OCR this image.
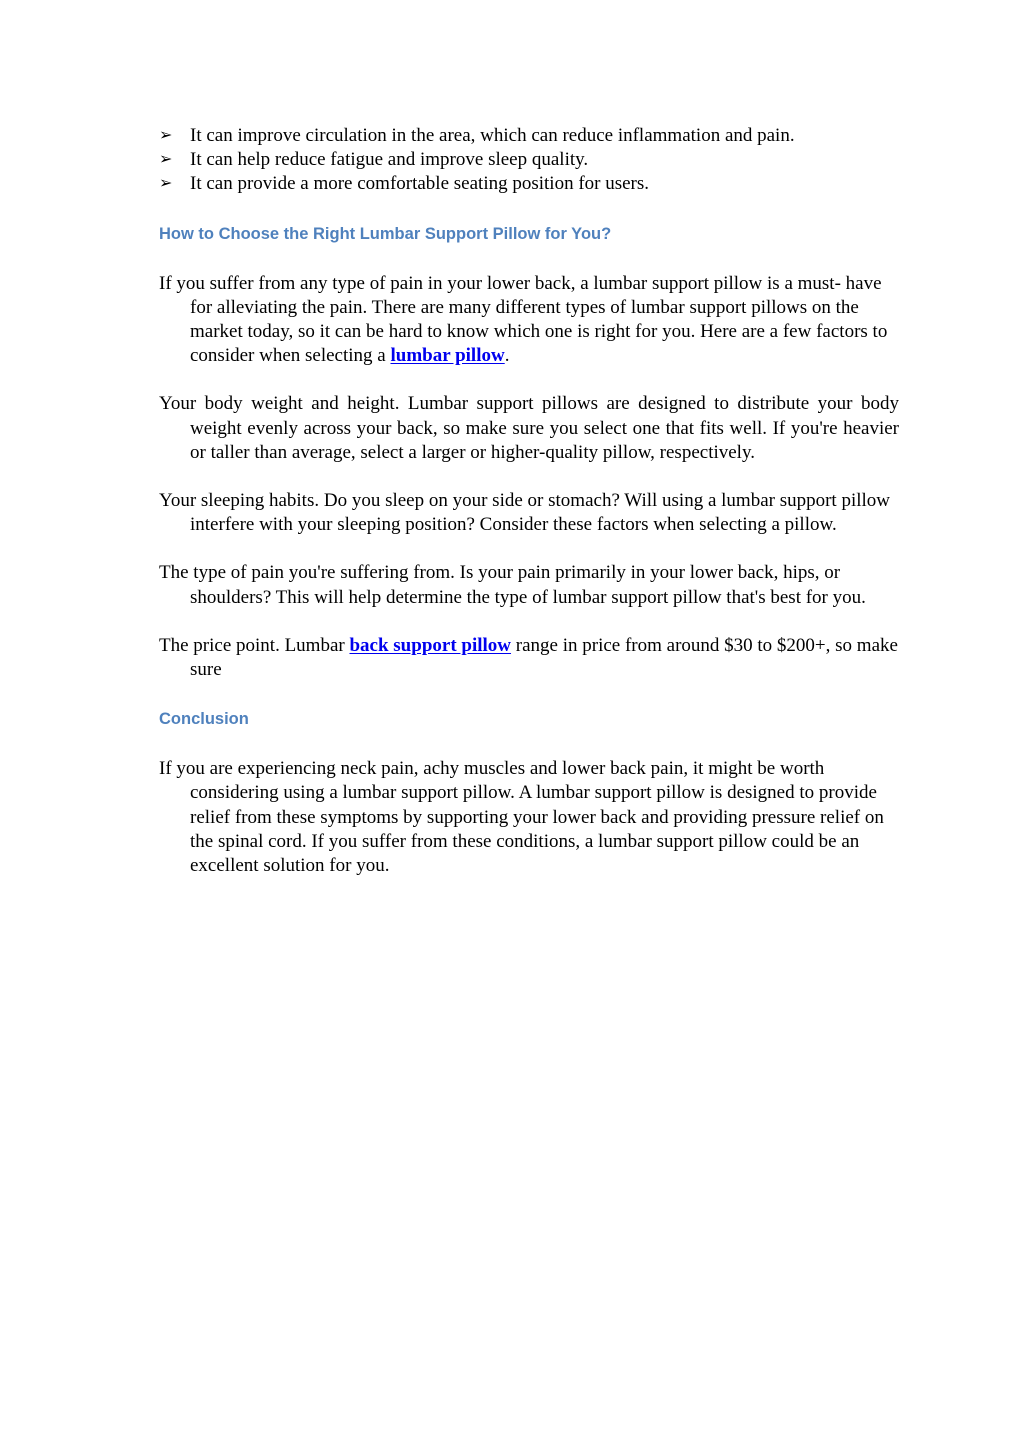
➢ It can improve circulation in the area, which can reduce inflammation and pain.
➢ It can help reduce fatigue and improve sleep quality.
➢ It can provide a more comfortable seating position for users.
How to Choose the Right Lumbar Support Pillow for You?

If you suffer from any type of pain in your lower back, a lumbar support pillow is a must- have for alleviating the pain. There are many different types of lumbar support pillows on the market today, so it can be hard to know which one is right for you. Here are a few factors to consider when selecting a lumbar pillow.

Your body weight and height. Lumbar support pillows are designed to distribute your body weight evenly across your back, so make sure you select one that fits well. If you're heavier or taller than average, select a larger or higher-quality pillow, respectively.

Your sleeping habits. Do you sleep on your side or stomach? Will using a lumbar support pillow interfere with your sleeping position? Consider these factors when selecting a pillow.

The type of pain you're suffering from. Is your pain primarily in your lower back, hips, or shoulders? This will help determine the type of lumbar support pillow that's best for you.

The price point. Lumbar back support pillow range in price from around $30 to $200+, so make sure

Conclusion

If you are experiencing neck pain, achy muscles and lower back pain, it might be worth considering using a lumbar support pillow. A lumbar support pillow is designed to provide relief from these symptoms by supporting your lower back and providing pressure relief on the spinal cord. If you suffer from these conditions, a lumbar support pillow could be an excellent solution for you.
